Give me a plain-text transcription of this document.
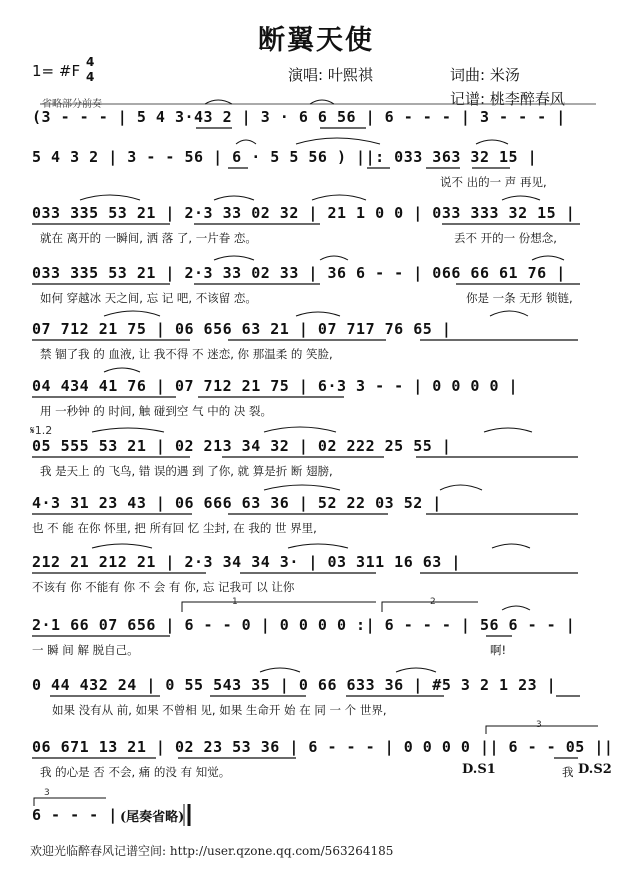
断翼天使
1= #F 4
4	演唱: 叶熙祺	词曲: 米汤
记谱: 桃李醉春风
省略部分前奏
(3 - - - | 5 4 3·43 2 | 3 · 6 6 56 | 6 - - - | 3 - - - |
5 4 3 2 | 3 - - 56 | 6 · 5 5 56 ) ||: 033 363 32 15 |
说不 出的一 声 再见,
033 335 53 21 | 2·3 33 02 32 | 21 1 0 0 | 033 333 32 15 |
就在 离开的 一瞬间, 洒 落 了, 一片眷 恋。	丢不 开的一 份想念,
033 335 53 21 | 2·3 33 02 33 | 36 6 - - | 066 66 61 76 |
如何 穿越冰 天之间, 忘 记 吧, 不该留 恋。	你是 一条 无形 锁链,
07 712 21 75 | 06 656 63 21 | 07 717 76 65 |
禁 锢了我 的 血液, 让 我不得 不 迷恋, 你 那温柔 的 笑脸,
04 434 41 76 | 07 712 21 75 | 6·3 3 - - | 0 0 0 0 |
用 一秒钟 的 时间, 触 碰到空 气 中的 决 裂。
𝄋1.2
05 555 53 21 | 02 213 34 32 | 02 222 25 55 |
我 是天上 的 飞鸟, 错 误的遇 到 了你, 就 算是折 断 翅膀,
4·3 31 23 43 | 06 666 63 36 | 52 22 03 52 |
也 不 能 在你 怀里, 把 所有回 忆 尘封, 在 我的 世 界里,
212 21 212 21 | 2·3 34 34 3· | 03 311 16 63 |
不该有 你 不能有 你 不 会 有 你, 忘 记我可 以 让你
1	2
2·1 66 07 656 | 6 - - 0 | 0 0 0 0 :| 6 - - - | 56 6 - - |
一 瞬 间 解 脱自己。	啊!
0 44 432 24 | 0 55 543 35 | 0 66 633 36 | #5 3 2 1 23 |
如果 没有从 前, 如果 不曾相 见, 如果 生命开 始 在 同 一 个 世界,
3
06 671 13 21 | 02 23 53 36 | 6 - - - | 0 0 0 0 || 6 - - 05 ||
我 的心是 否 不会, 痛 的没 有 知觉。	D.S1	我 D.S2
3
6 - - - | (尾奏省略)
欢迎光临醉春风记谱空间: http://user.qzone.qq.com/563264185
